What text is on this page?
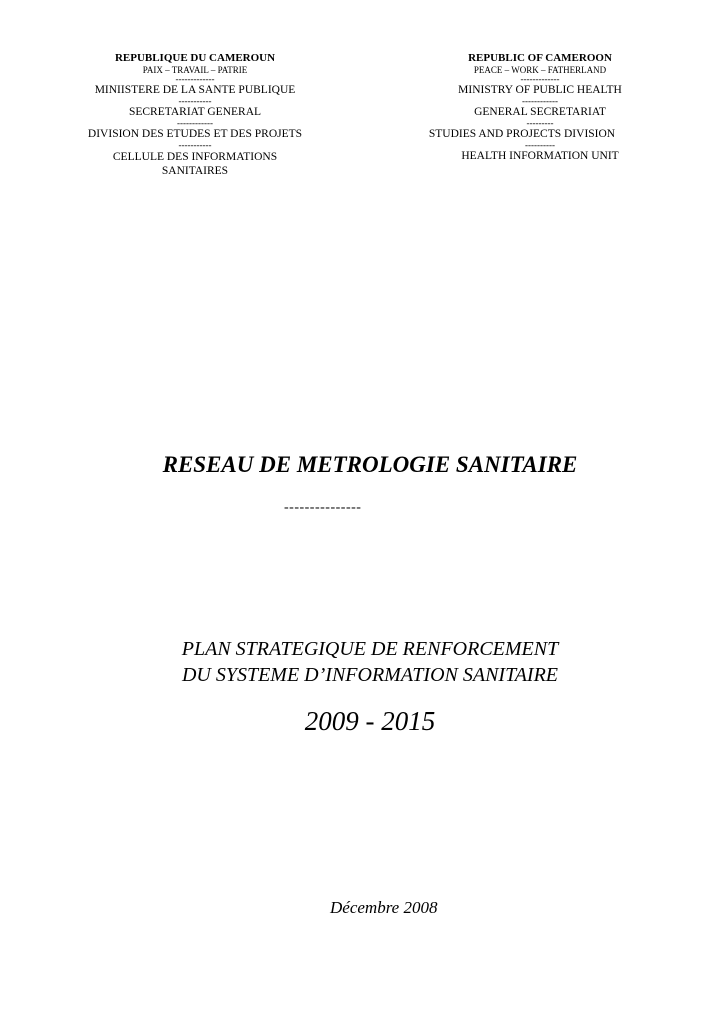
REPUBLIQUE DU CAMEROUN
PAIX – TRAVAIL – PATRIE
-------------
MINIISTERE DE LA SANTE PUBLIQUE
-----------
SECRETARIAT GENERAL
------------
DIVISION DES ETUDES ET DES PROJETS
-----------
CELLULE DES INFORMATIONS
SANITAIRES
REPUBLIC OF CAMEROON
PEACE – WORK – FATHERLAND
-------------
MINISTRY OF PUBLIC HEALTH
------------
GENERAL SECRETARIAT
---------
STUDIES AND PROJECTS DIVISION
----------
HEALTH INFORMATION UNIT
RESEAU DE METROLOGIE SANITAIRE
---------------
PLAN STRATEGIQUE DE RENFORCEMENT
DU SYSTEME D’INFORMATION SANITAIRE
2009 - 2015
Décembre 2008
